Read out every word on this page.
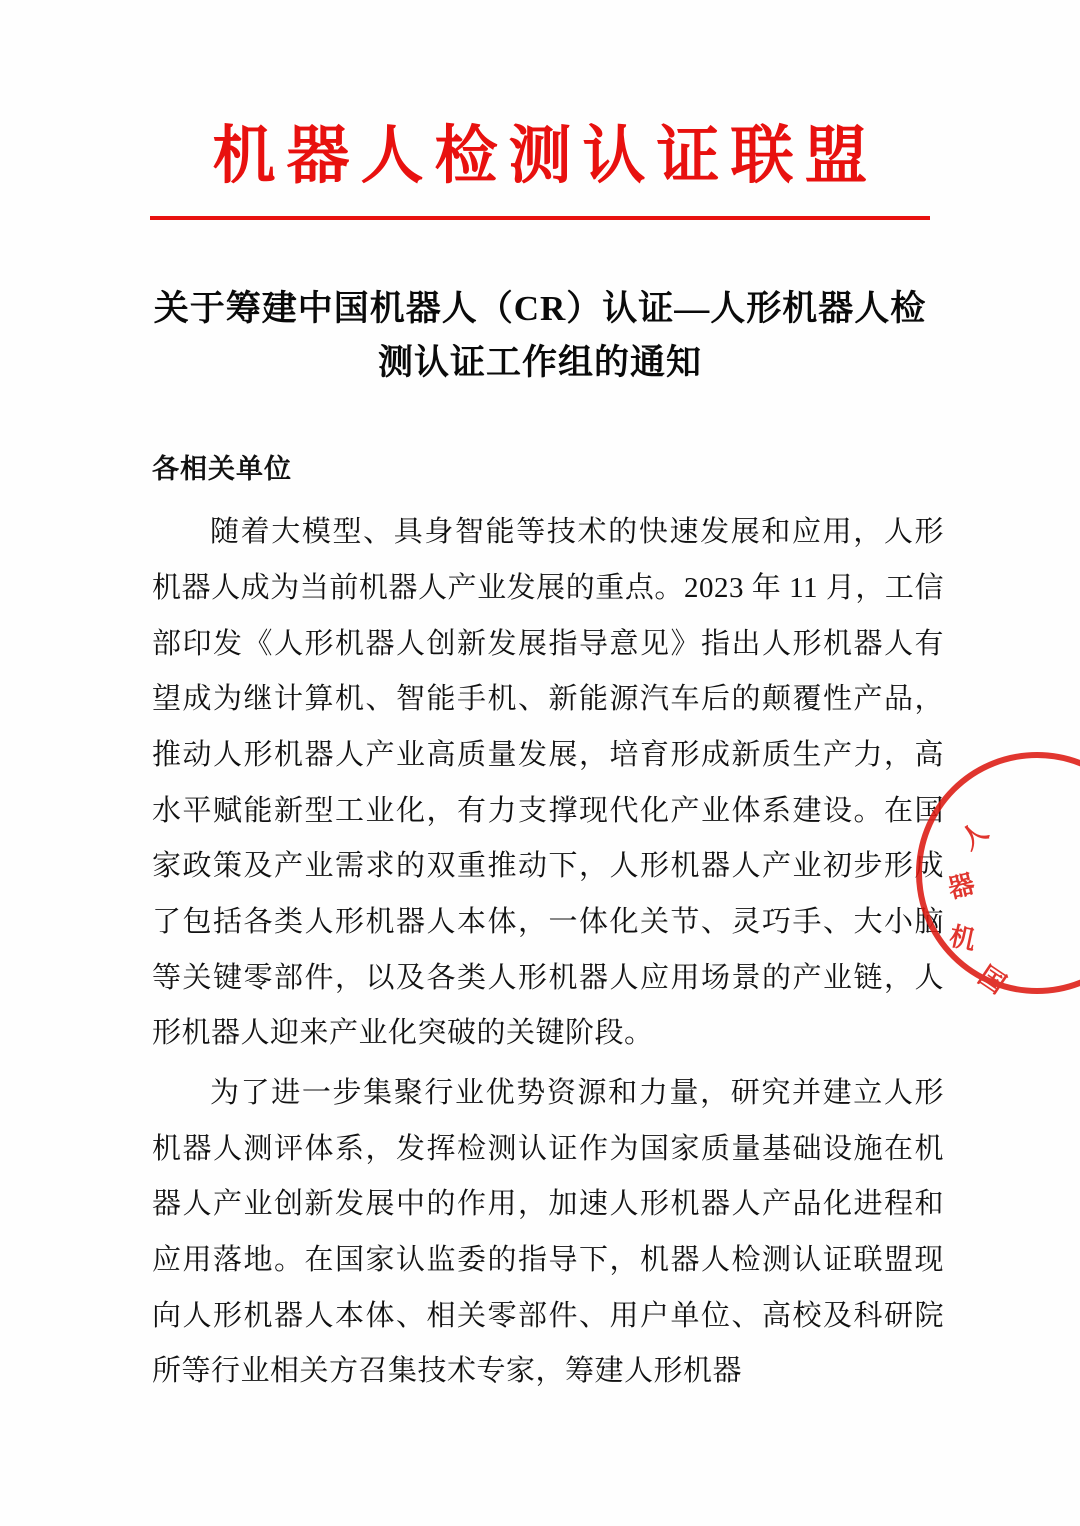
机器人检测认证联盟
关于筹建中国机器人（CR）认证—人形机器人检测认证工作组的通知
各相关单位

随着大模型、具身智能等技术的快速发展和应用，人形机器人成为当前机器人产业发展的重点。2023 年 11 月，工信部印发《人形机器人创新发展指导意见》指出人形机器人有望成为继计算机、智能手机、新能源汽车后的颠覆性产品，推动人形机器人产业高质量发展，培育形成新质生产力，高水平赋能新型工业化，有力支撑现代化产业体系建设。在国家政策及产业需求的双重推动下，人形机器人产业初步形成了包括各类人形机器人本体，一体化关节、灵巧手、大小脑等关键零部件，以及各类人形机器人应用场景的产业链，人形机器人迎来产业化突破的关键阶段。

为了进一步集聚行业优势资源和力量，研究并建立人形机器人测评体系，发挥检测认证作为国家质量基础设施在机器人产业创新发展中的作用，加速人形机器人产品化进程和应用落地。在国家认监委的指导下，机器人检测认证联盟现向人形机器人本体、相关零部件、用户单位、高校及科研院所等行业相关方召集技术专家，筹建人形机器

人
器
机
国
